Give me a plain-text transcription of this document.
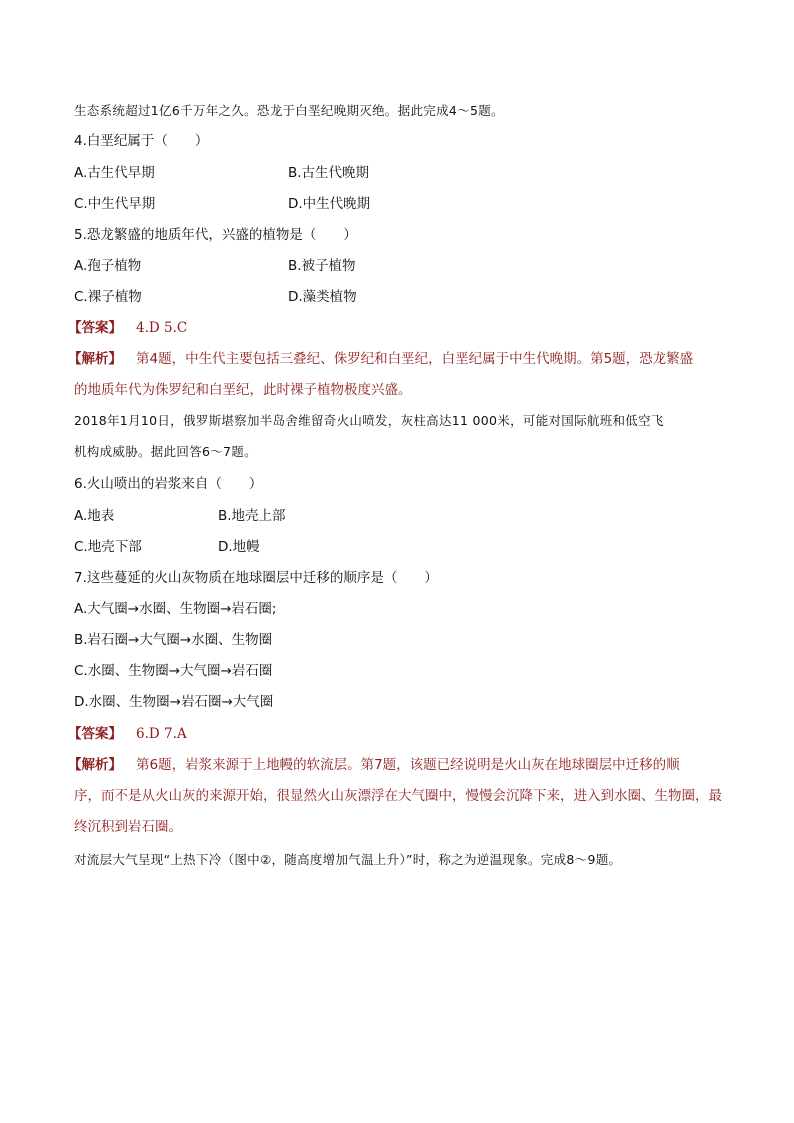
生态系统超过1亿6千万年之久。恐龙于白垩纪晚期灭绝。据此完成4～5题。
4.白垩纪属于（　　）
A.古生代早期	B.古生代晚期
C.中生代早期	D.中生代晚期
5.恐龙繁盛的地质年代，兴盛的植物是（　　）
A.孢子植物	B.被子植物
C.裸子植物	D.藻类植物
【答案】 4.D 5.C
【解析】 第4题，中生代主要包括三叠纪、侏罗纪和白垩纪，白垩纪属于中生代晚期。第5题，恐龙繁盛
的地质年代为侏罗纪和白垩纪，此时裸子植物极度兴盛。
2018年1月10日，俄罗斯堪察加半岛舍维留奇火山喷发，灰柱高达11 000米，可能对国际航班和低空飞
机构成威胁。据此回答6～7题。
6.火山喷出的岩浆来自（　　）
A.地表	B.地壳上部
C.地壳下部	D.地幔
7.这些蔓延的火山灰物质在地球圈层中迁移的顺序是（　　）
A.大气圈→水圈、生物圈→岩石圈;
B.岩石圈→大气圈→水圈、生物圈
C.水圈、生物圈→大气圈→岩石圈
D.水圈、生物圈→岩石圈→大气圈
【答案】 6.D 7.A
【解析】 第6题，岩浆来源于上地幔的软流层。第7题，该题已经说明是火山灰在地球圈层中迁移的顺
序，而不是从火山灰的来源开始，很显然火山灰漂浮在大气圈中，慢慢会沉降下来，进入到水圈、生物圈，最
终沉积到岩石圈。
对流层大气呈现“上热下冷（图中②，随高度增加气温上升）”时，称之为逆温现象。完成8～9题。
